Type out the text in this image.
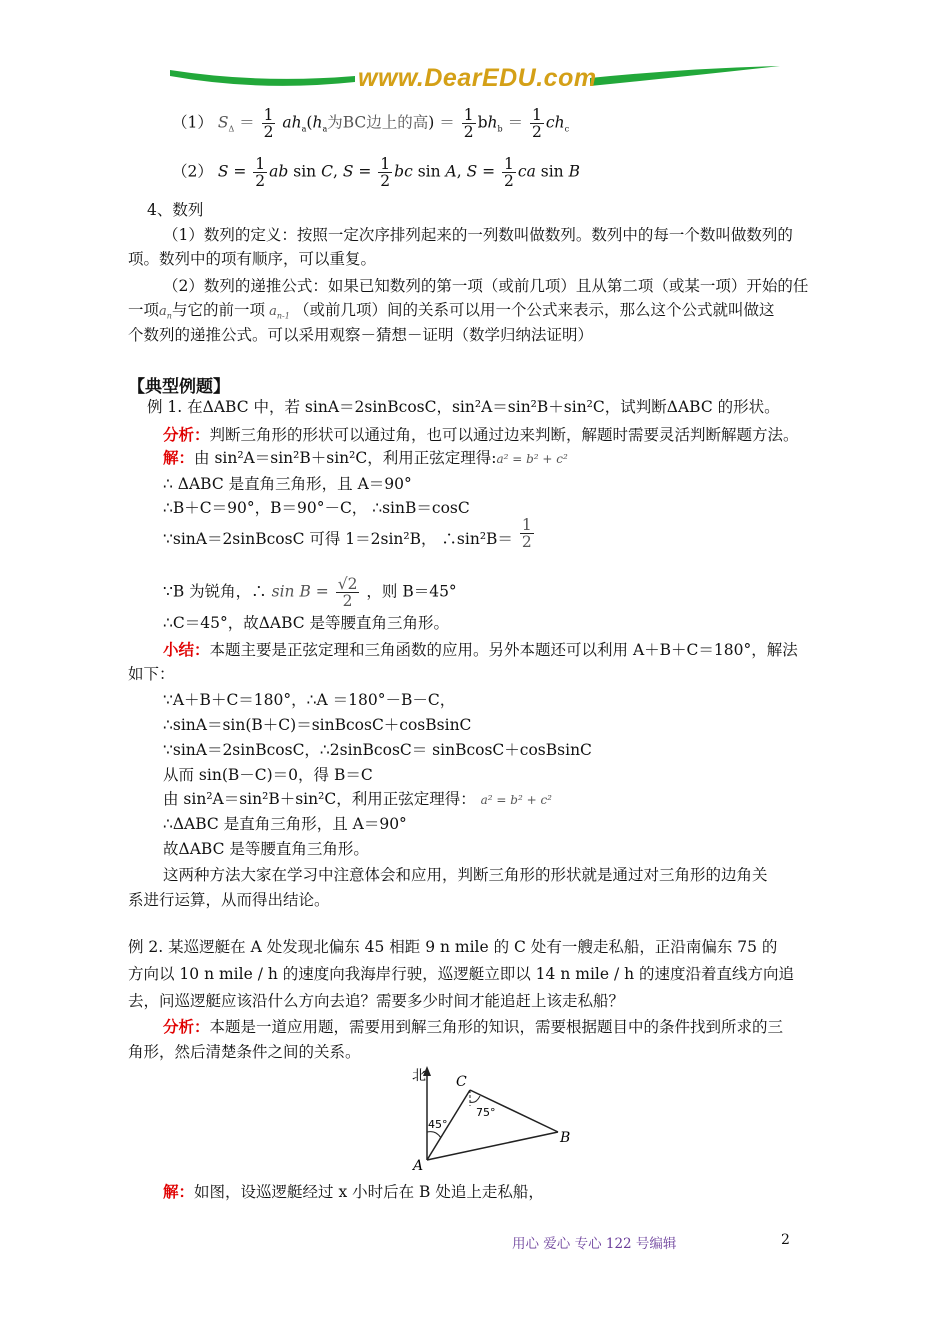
www.DearEDU.com
（1） $S_\Delta = \frac{1}{2} ah_a(h_a$为BC边上的高) ＝ $\frac{1}{2} bh_b = \frac{1}{2} ch_c$
（2） $S = \frac{1}{2}$ ab sin C, $S = \frac{1}{2}$ bc sin A, $S = \frac{1}{2}$ ca sin B
4、数列
（1）数列的定义：按照一定次序排列起来的一列数叫做数列。数列中的每一个数叫做数列的
项。数列中的项有顺序，可以重复。
（2）数列的递推公式：如果已知数列的第一项（或前几项）且从第二项（或某一项）开始的任
一项$a_n$与它的前一项 $a_{n-1}$ （或前几项）间的关系可以用一个公式来表示，那么这个公式就叫做这
个数列的递推公式。可以采用观察－猜想－证明（数学归纳法证明）
【典型例题】
例 1. 在ΔABC 中，若 sinA＝2sinBcosC，sin²A＝sin²B＋sin²C，试判断ΔABC 的形状。
分析：判断三角形的形状可以通过角，也可以通过边来判断，解题时需要灵活判断解题方法。
解：由 sin²A＝sin²B＋sin²C，利用正弦定理得:a² = b² + c²
∴ ΔABC 是直角三角形，且 A＝90°
∴B＋C＝90°，B＝90°－C， ∴sinB＝cosC
∵sinA＝2sinBcosC 可得 1＝2sin²B， ∴sin²B＝ $\frac{1}{2}$
∵B 为锐角，∴ $\sin B = \frac{√2}{2}$ ，则 B＝45°
∴C＝45°，故ΔABC 是等腰直角三角形。
小结：本题主要是正弦定理和三角函数的应用。另外本题还可以利用 A＋B＋C＝180°，解法
如下：
∵A＋B＋C＝180°，∴A ＝180°－B－C，
∴sinA＝sin(B＋C)＝sinBcosC＋cosBsinC
∵sinA＝2sinBcosC，∴2sinBcosC＝ sinBcosC＋cosBsinC
从而 sin(B－C)＝0，得 B＝C
由 sin²A＝sin²B＋sin²C，利用正弦定理得： a² = b² + c²
∴ΔABC 是直角三角形，且 A＝90°
故ΔABC 是等腰直角三角形。
这两种方法大家在学习中注意体会和应用，判断三角形的形状就是通过对三角形的边角关
系进行运算，从而得出结论。
例 2. 某巡逻艇在 A 处发现北偏东 45 相距 9 n mile 的 C 处有一艘走私船，正沿南偏东 75 的
方向以 10 n mile / h 的速度向我海岸行驶，巡逻艇立即以 14 n mile / h 的速度沿着直线方向追
去，问巡逻艇应该沿什么方向去追？需要多少时间才能追赶上该走私船？
分析：本题是一道应用题，需要用到解三角形的知识，需要根据题目中的条件找到所求的三
角形，然后清楚条件之间的关系。
北
A
B
C
45°
75°
解：如图，设巡逻艇经过 x 小时后在 B 处追上走私船，
用心 爱心 专心 122 号编辑	2
